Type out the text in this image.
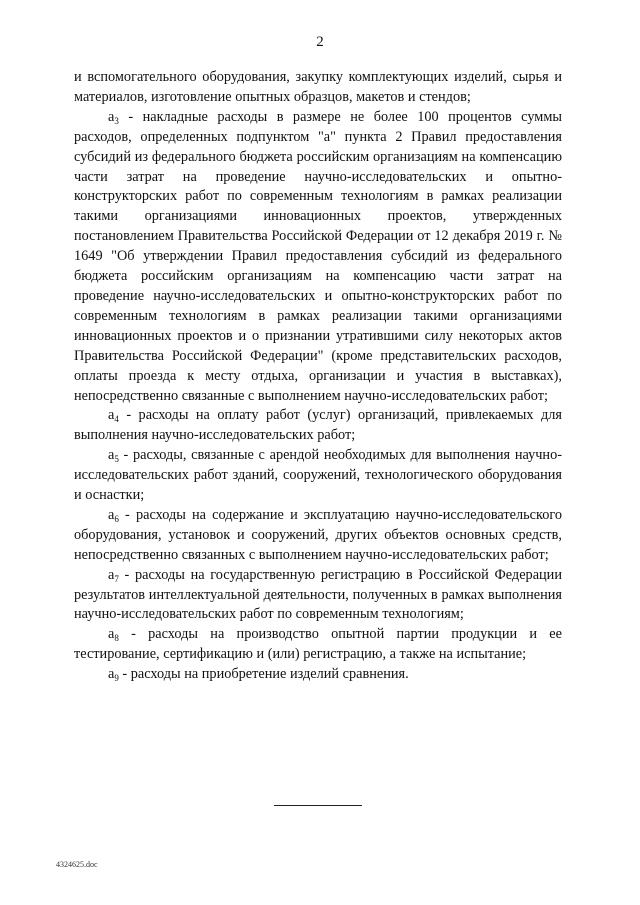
2

и вспомогательного оборудования, закупку комплектующих изделий, сырья и материалов, изготовление опытных образцов, макетов и стендов;

$а_3$ - накладные расходы в размере не более 100 процентов суммы расходов, определенных подпунктом "а" пункта 2 Правил предоставления субсидий из федерального бюджета российским организациям на компенсацию части затрат на проведение научно-исследовательских и опытно-конструкторских работ по современным технологиям в рамках реализации такими организациями инновационных проектов, утвержденных постановлением Правительства Российской Федерации от 12 декабря 2019 г. № 1649 "Об утверждении Правил предоставления субсидий из федерального бюджета российским организациям на компенсацию части затрат на проведение научно-исследовательских и опытно-конструкторских работ по современным технологиям в рамках реализации такими организациями инновационных проектов и о признании утратившими силу некоторых актов Правительства Российской Федерации" (кроме представительских расходов, оплаты проезда к месту отдыха, организации и участия в выставках), непосредственно связанные с выполнением научно-исследовательских работ;

$а_4$ - расходы на оплату работ (услуг) организаций, привлекаемых для выполнения научно-исследовательских работ;

$а_5$ - расходы, связанные с арендой необходимых для выполнения научно-исследовательских работ зданий, сооружений, технологического оборудования и оснастки;

$а_6$ - расходы на содержание и эксплуатацию научно-исследовательского оборудования, установок и сооружений, других объектов основных средств, непосредственно связанных с выполнением научно-исследовательских работ;

$а_7$ - расходы на государственную регистрацию в Российской Федерации результатов интеллектуальной деятельности, полученных в рамках выполнения научно-исследовательских работ по современным технологиям;

$а_8$ - расходы на производство опытной партии продукции и ее тестирование, сертификацию и (или) регистрацию, а также на испытание;

$а_9$ - расходы на приобретение изделий сравнения.

4324625.doc
